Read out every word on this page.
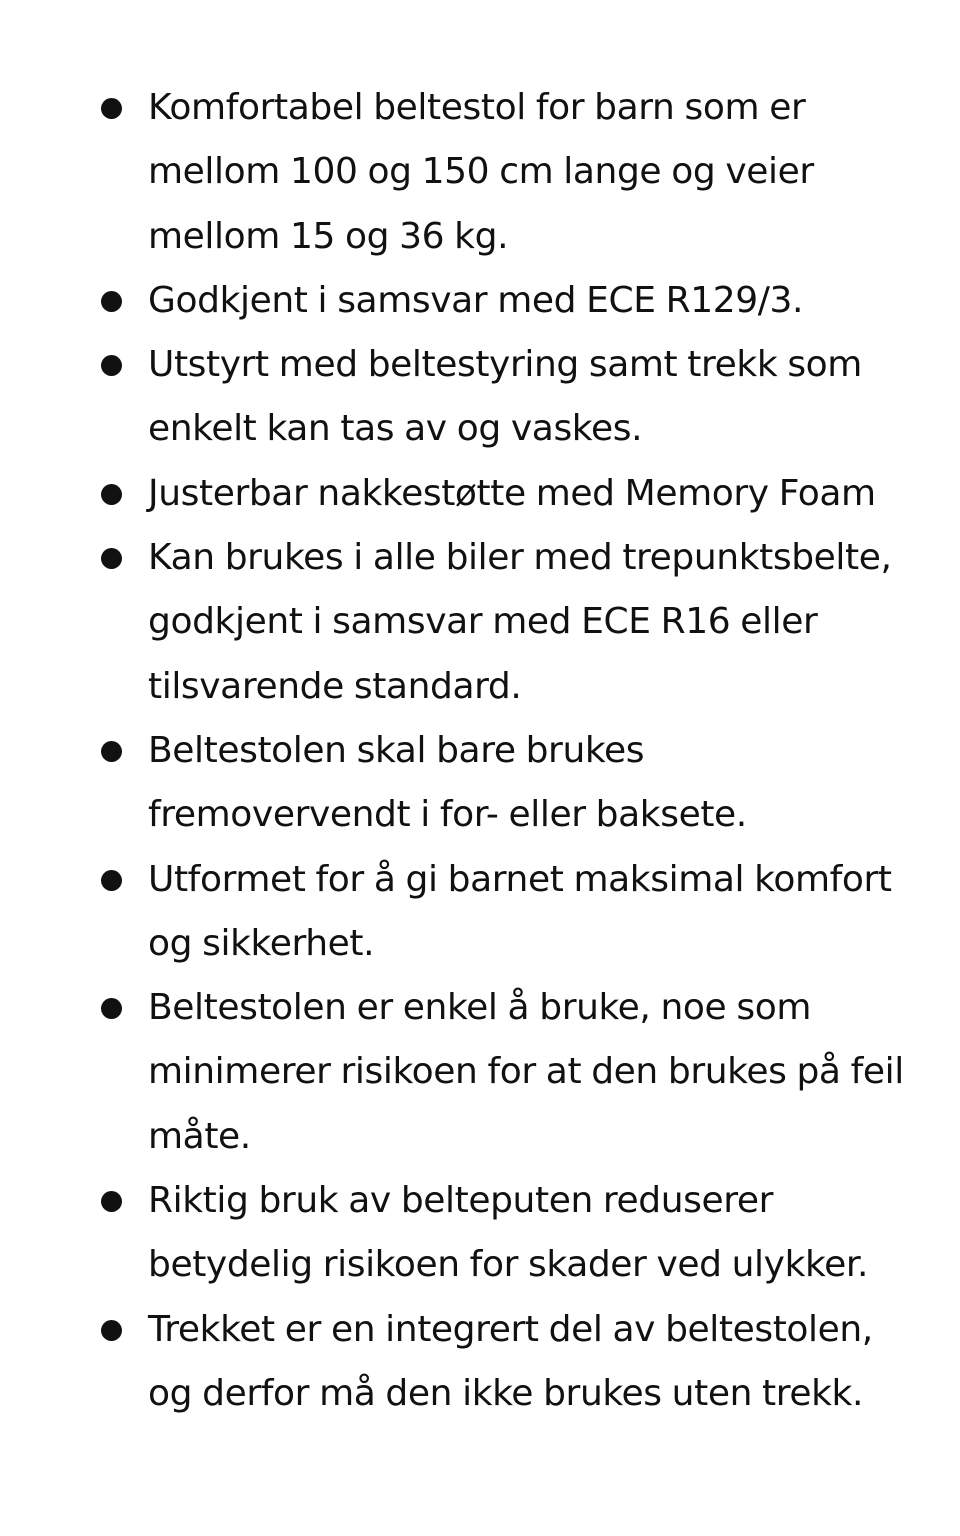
Komfortabel beltestol for barn som er mellom 100 og 150 cm lange og veier mellom 15 og 36 kg.
Godkjent i samsvar med ECE R129/3.
Utstyrt med beltestyring samt trekk som enkelt kan tas av og vaskes.
Justerbar nakkestøtte med Memory Foam
Kan brukes i alle biler med trepunktsbelte, godkjent i samsvar med ECE R16 eller tilsvarende standard.
Beltestolen skal bare brukes fremovervendt i for- eller baksete.
Utformet for å gi barnet maksimal komfort og sikkerhet.
Beltestolen er enkel å bruke, noe som minimerer risikoen for at den brukes på feil måte.
Riktig bruk av belteputen reduserer betydelig risikoen for skader ved ulykker.
Trekket er en integrert del av beltestolen, og derfor må den ikke brukes uten trekk.
